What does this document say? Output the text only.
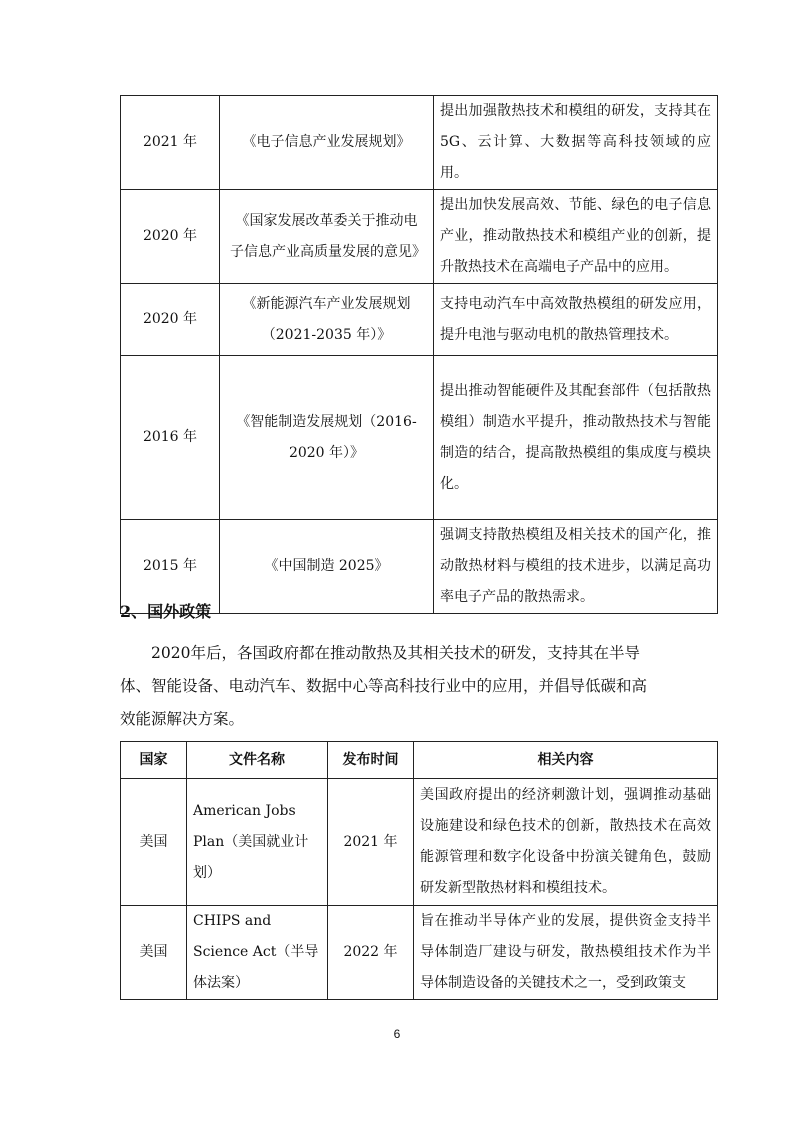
2021 年	《电子信息产业发展规划》	提出加强散热技术和模组的研发，支持其在5G、云计算、大数据等高科技领域的应用。
2020 年	《国家发展改革委关于推动电子信息产业高质量发展的意见》	提出加快发展高效、节能、绿色的电子信息产业，推动散热技术和模组产业的创新，提升散热技术在高端电子产品中的应用。
2020 年	《新能源汽车产业发展规划（2021-2035 年）》	支持电动汽车中高效散热模组的研发应用，提升电池与驱动电机的散热管理技术。
2016 年	《智能制造发展规划（2016-2020 年）》	提出推动智能硬件及其配套部件（包括散热模组）制造水平提升，推动散热技术与智能制造的结合，提高散热模组的集成度与模块化。
2015 年	《中国制造 2025》	强调支持散热模组及相关技术的国产化，推动散热材料与模组的技术进步，以满足高功率电子产品的散热需求。
2、国外政策

2020年后，各国政府都在推动散热及其相关技术的研发，支持其在半导

体、智能设备、电动汽车、数据中心等高科技行业中的应用，并倡导低碳和高

效能源解决方案。

国家	文件名称	发布时间	相关内容
美国	American Jobs Plan（美国就业计划）	2021 年	美国政府提出的经济刺激计划，强调推动基础设施建设和绿色技术的创新，散热技术在高效能源管理和数字化设备中扮演关键角色，鼓励研发新型散热材料和模组技术。
美国	CHIPS and Science Act（半导体法案）	2022 年	旨在推动半导体产业的发展，提供资金支持半导体制造厂建设与研发，散热模组技术作为半导体制造设备的关键技术之一，受到政策支
6
